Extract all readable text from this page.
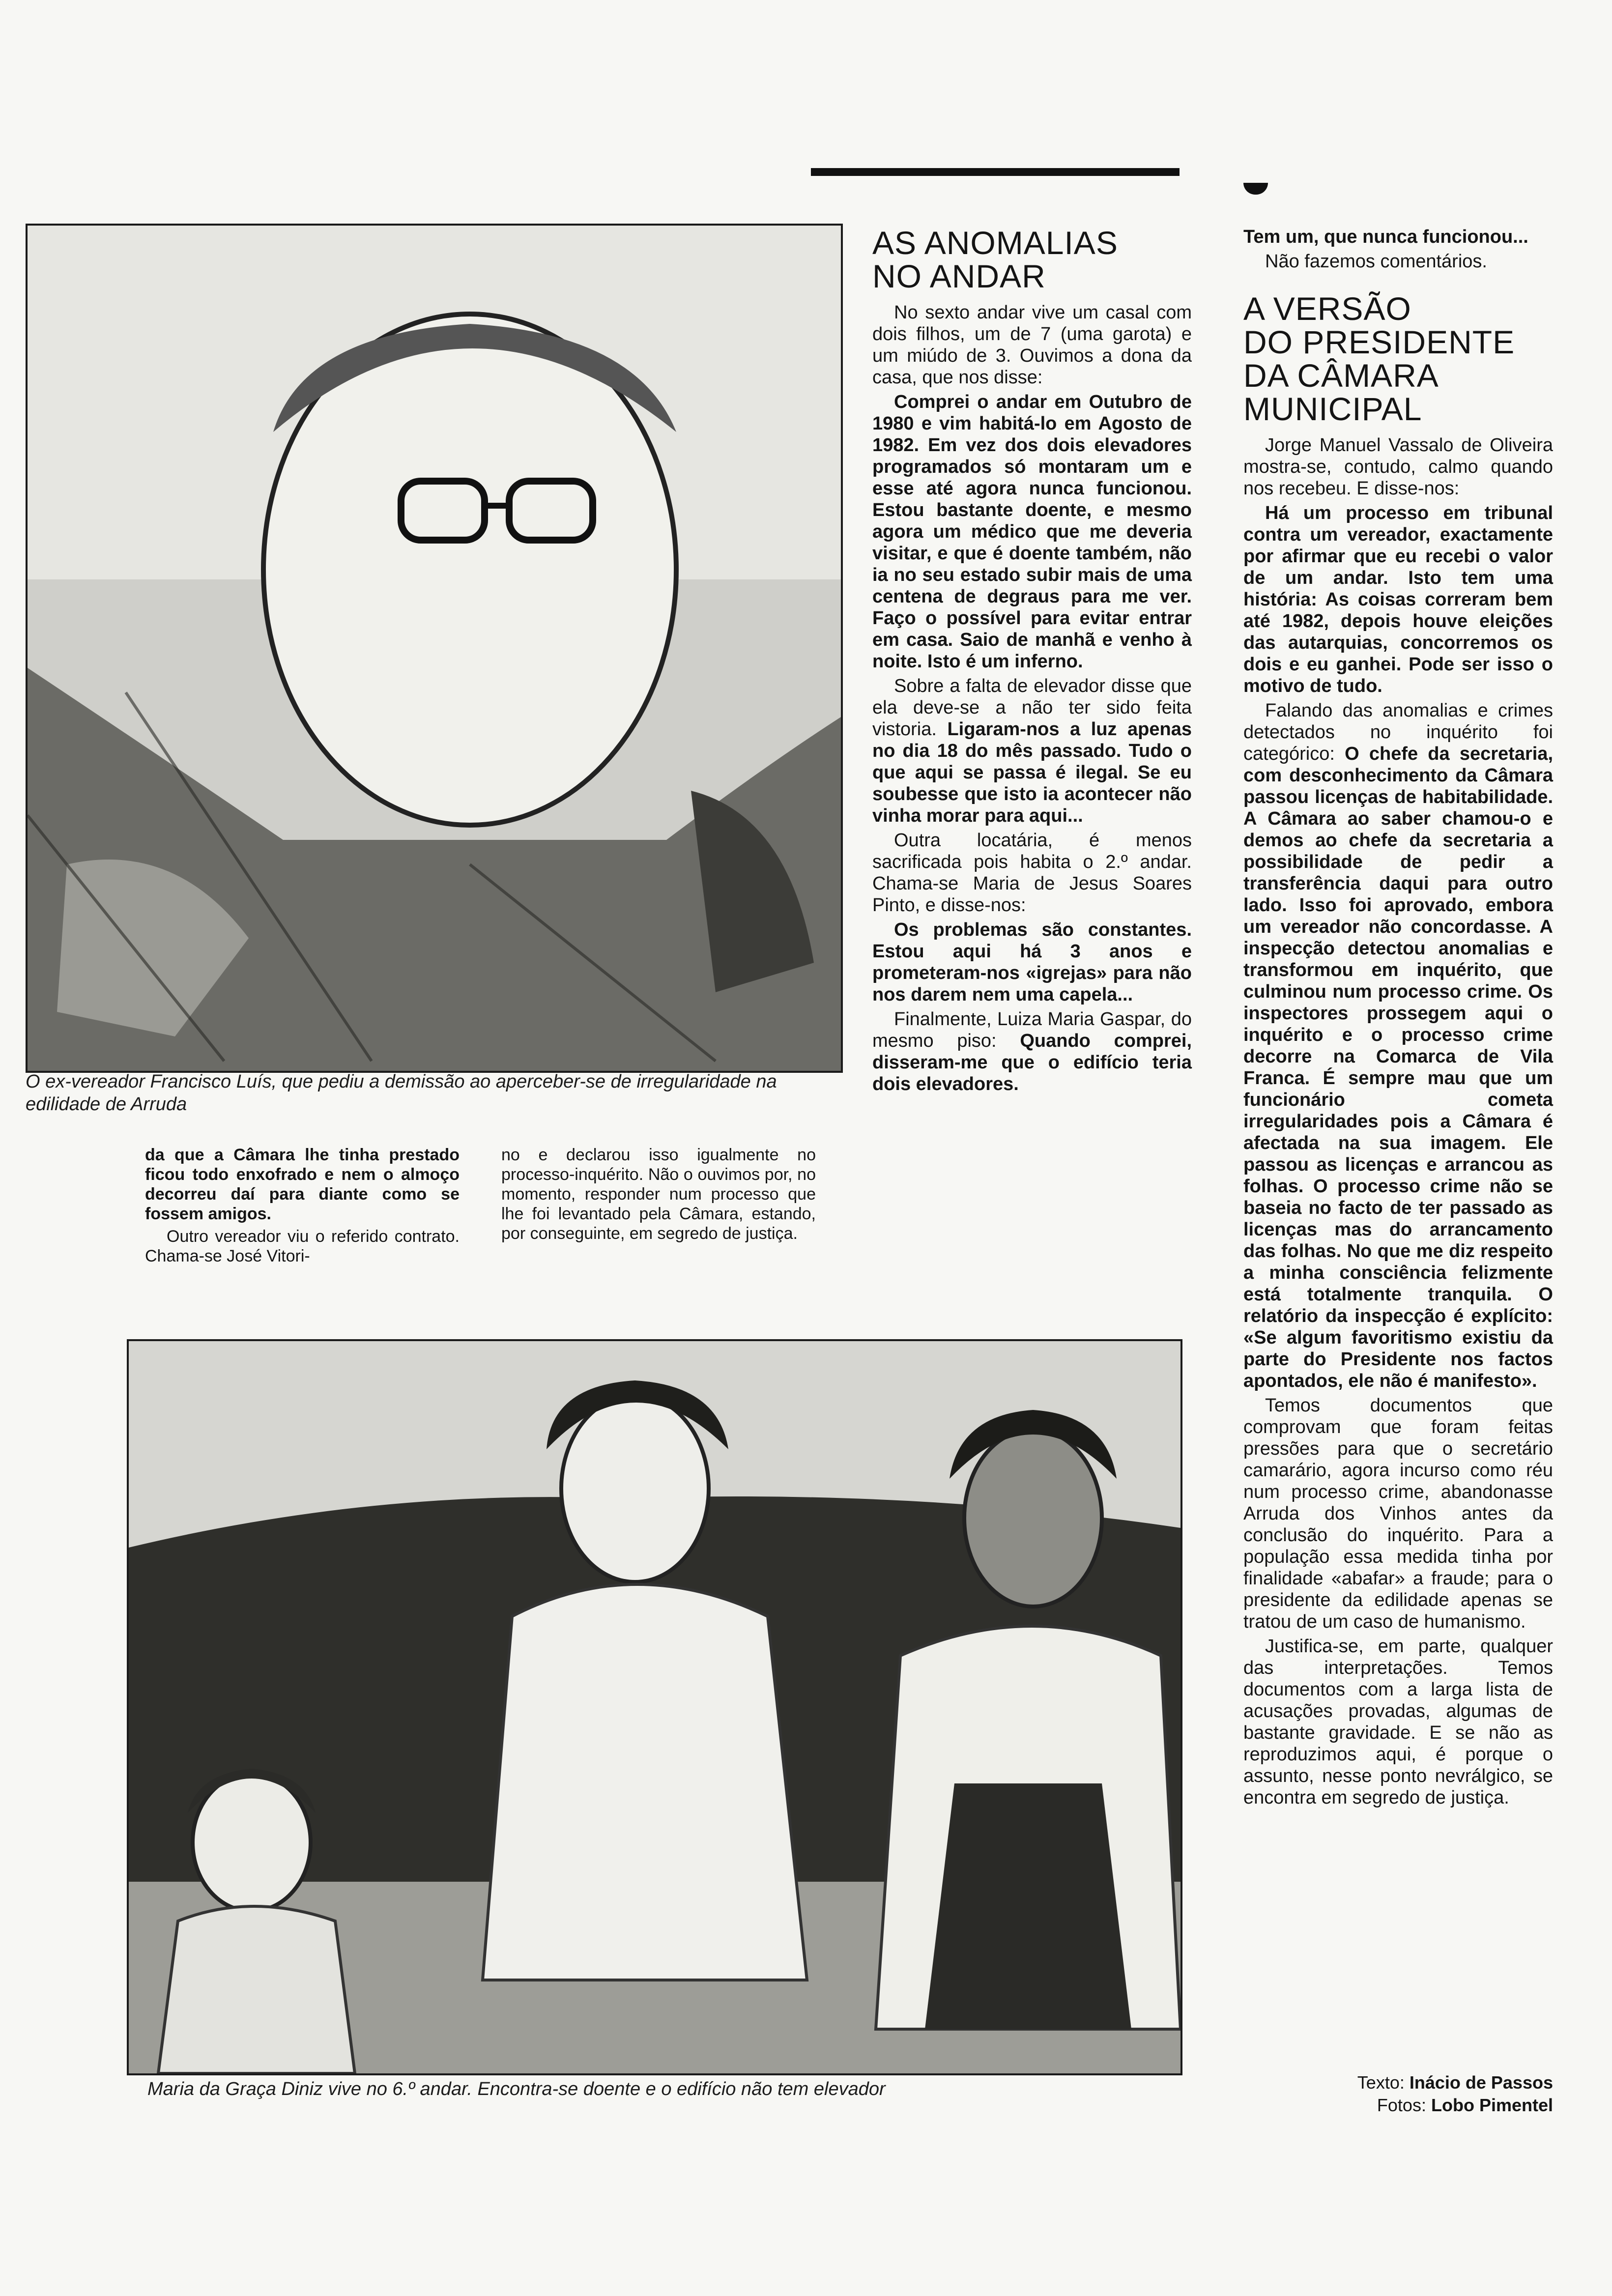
O ex-vereador Francisco Luís, que pediu a demissão ao aperceber-se de irregularidade na edilidade de Arruda
AS ANOMALIAS
NO ANDAR

No sexto andar vive um casal com dois filhos, um de 7 (uma garota) e um miúdo de 3. Ouvimos a dona da casa, que nos disse:

Comprei o andar em Outubro de 1980 e vim habitá-lo em Agosto de 1982. Em vez dos dois elevadores programados só montaram um e esse até agora nunca funcionou. Estou bastante doente, e mesmo agora um médico que me deveria visitar, e que é doente também, não ia no seu estado subir mais de uma centena de degraus para me ver. Faço o possível para evitar entrar em casa. Saio de manhã e venho à noite. Isto é um inferno.

Sobre a falta de elevador disse que ela deve-se a não ter sido feita vistoria. Ligaram-nos a luz apenas no dia 18 do mês passado. Tudo o que aqui se passa é ilegal. Se eu soubesse que isto ia acontecer não vinha morar para aqui...

Outra locatária, é menos sacrificada pois habita o 2.º andar. Chama-se Maria de Jesus Soares Pinto, e disse-nos:

Os problemas são constantes. Estou aqui há 3 anos e prometeram-nos «igrejas» para não nos darem nem uma capela...

Finalmente, Luiza Maria Gaspar, do mesmo piso: Quando comprei, disseram-me que o edifício teria dois elevadores.

Tem um, que nunca funcionou...

Não fazemos comentários.

A VERSÃO
DO PRESIDENTE
DA CÂMARA
MUNICIPAL

Jorge Manuel Vassalo de Oliveira mostra-se, contudo, calmo quando nos recebeu. E disse-nos:

Há um processo em tribunal contra um vereador, exactamente por afirmar que eu recebi o valor de um andar. Isto tem uma história: As coisas correram bem até 1982, depois houve eleições das autarquias, concorremos os dois e eu ganhei. Pode ser isso o motivo de tudo.

Falando das anomalias e crimes detectados no inquérito foi categórico: O chefe da secretaria, com desconhecimento da Câmara passou licenças de habitabilidade. A Câmara ao saber chamou-o e demos ao chefe da secretaria a possibilidade de pedir a transferência daqui para outro lado. Isso foi aprovado, embora um vereador não concordasse. A inspecção detectou anomalias e transformou em inquérito, que culminou num processo crime. Os inspectores prossegem aqui o inquérito e o processo crime decorre na Comarca de Vila Franca. É sempre mau que um funcionário cometa irregularidades pois a Câmara é afectada na sua imagem. Ele passou as licenças e arrancou as folhas. O processo crime não se baseia no facto de ter passado as licenças mas do arrancamento das folhas. No que me diz respeito a minha consciência felizmente está totalmente tranquila. O relatório da inspecção é explícito: «Se algum favoritismo existiu da parte do Presidente nos factos apontados, ele não é manifesto».

Temos documentos que comprovam que foram feitas pressões para que o secretário camarário, agora incurso como réu num processo crime, abandonasse Arruda dos Vinhos antes da conclusão do inquérito. Para a população essa medida tinha por finalidade «abafar» a fraude; para o presidente da edilidade apenas se tratou de um caso de humanismo.

Justifica-se, em parte, qualquer das interpretações. Temos documentos com a larga lista de acusações provadas, algumas de bastante gravidade. E se não as reproduzimos aqui, é porque o assunto, nesse ponto nevrálgico, se encontra em segredo de justiça.

da que a Câmara lhe tinha prestado ficou todo enxofrado e nem o almoço decorreu daí para diante como se fossem amigos.

Outro vereador viu o referido contrato. Chama-se José Vitori-

no e declarou isso igualmente no processo-inquérito. Não o ouvimos por, no momento, responder num processo que lhe foi levantado pela Câmara, estando, por conseguinte, em segredo de justiça.

Maria da Graça Diniz vive no 6.º andar. Encontra-se doente e o edifício não tem elevador	Texto: Inácio de Passos
Fotos: Lobo Pimentel
